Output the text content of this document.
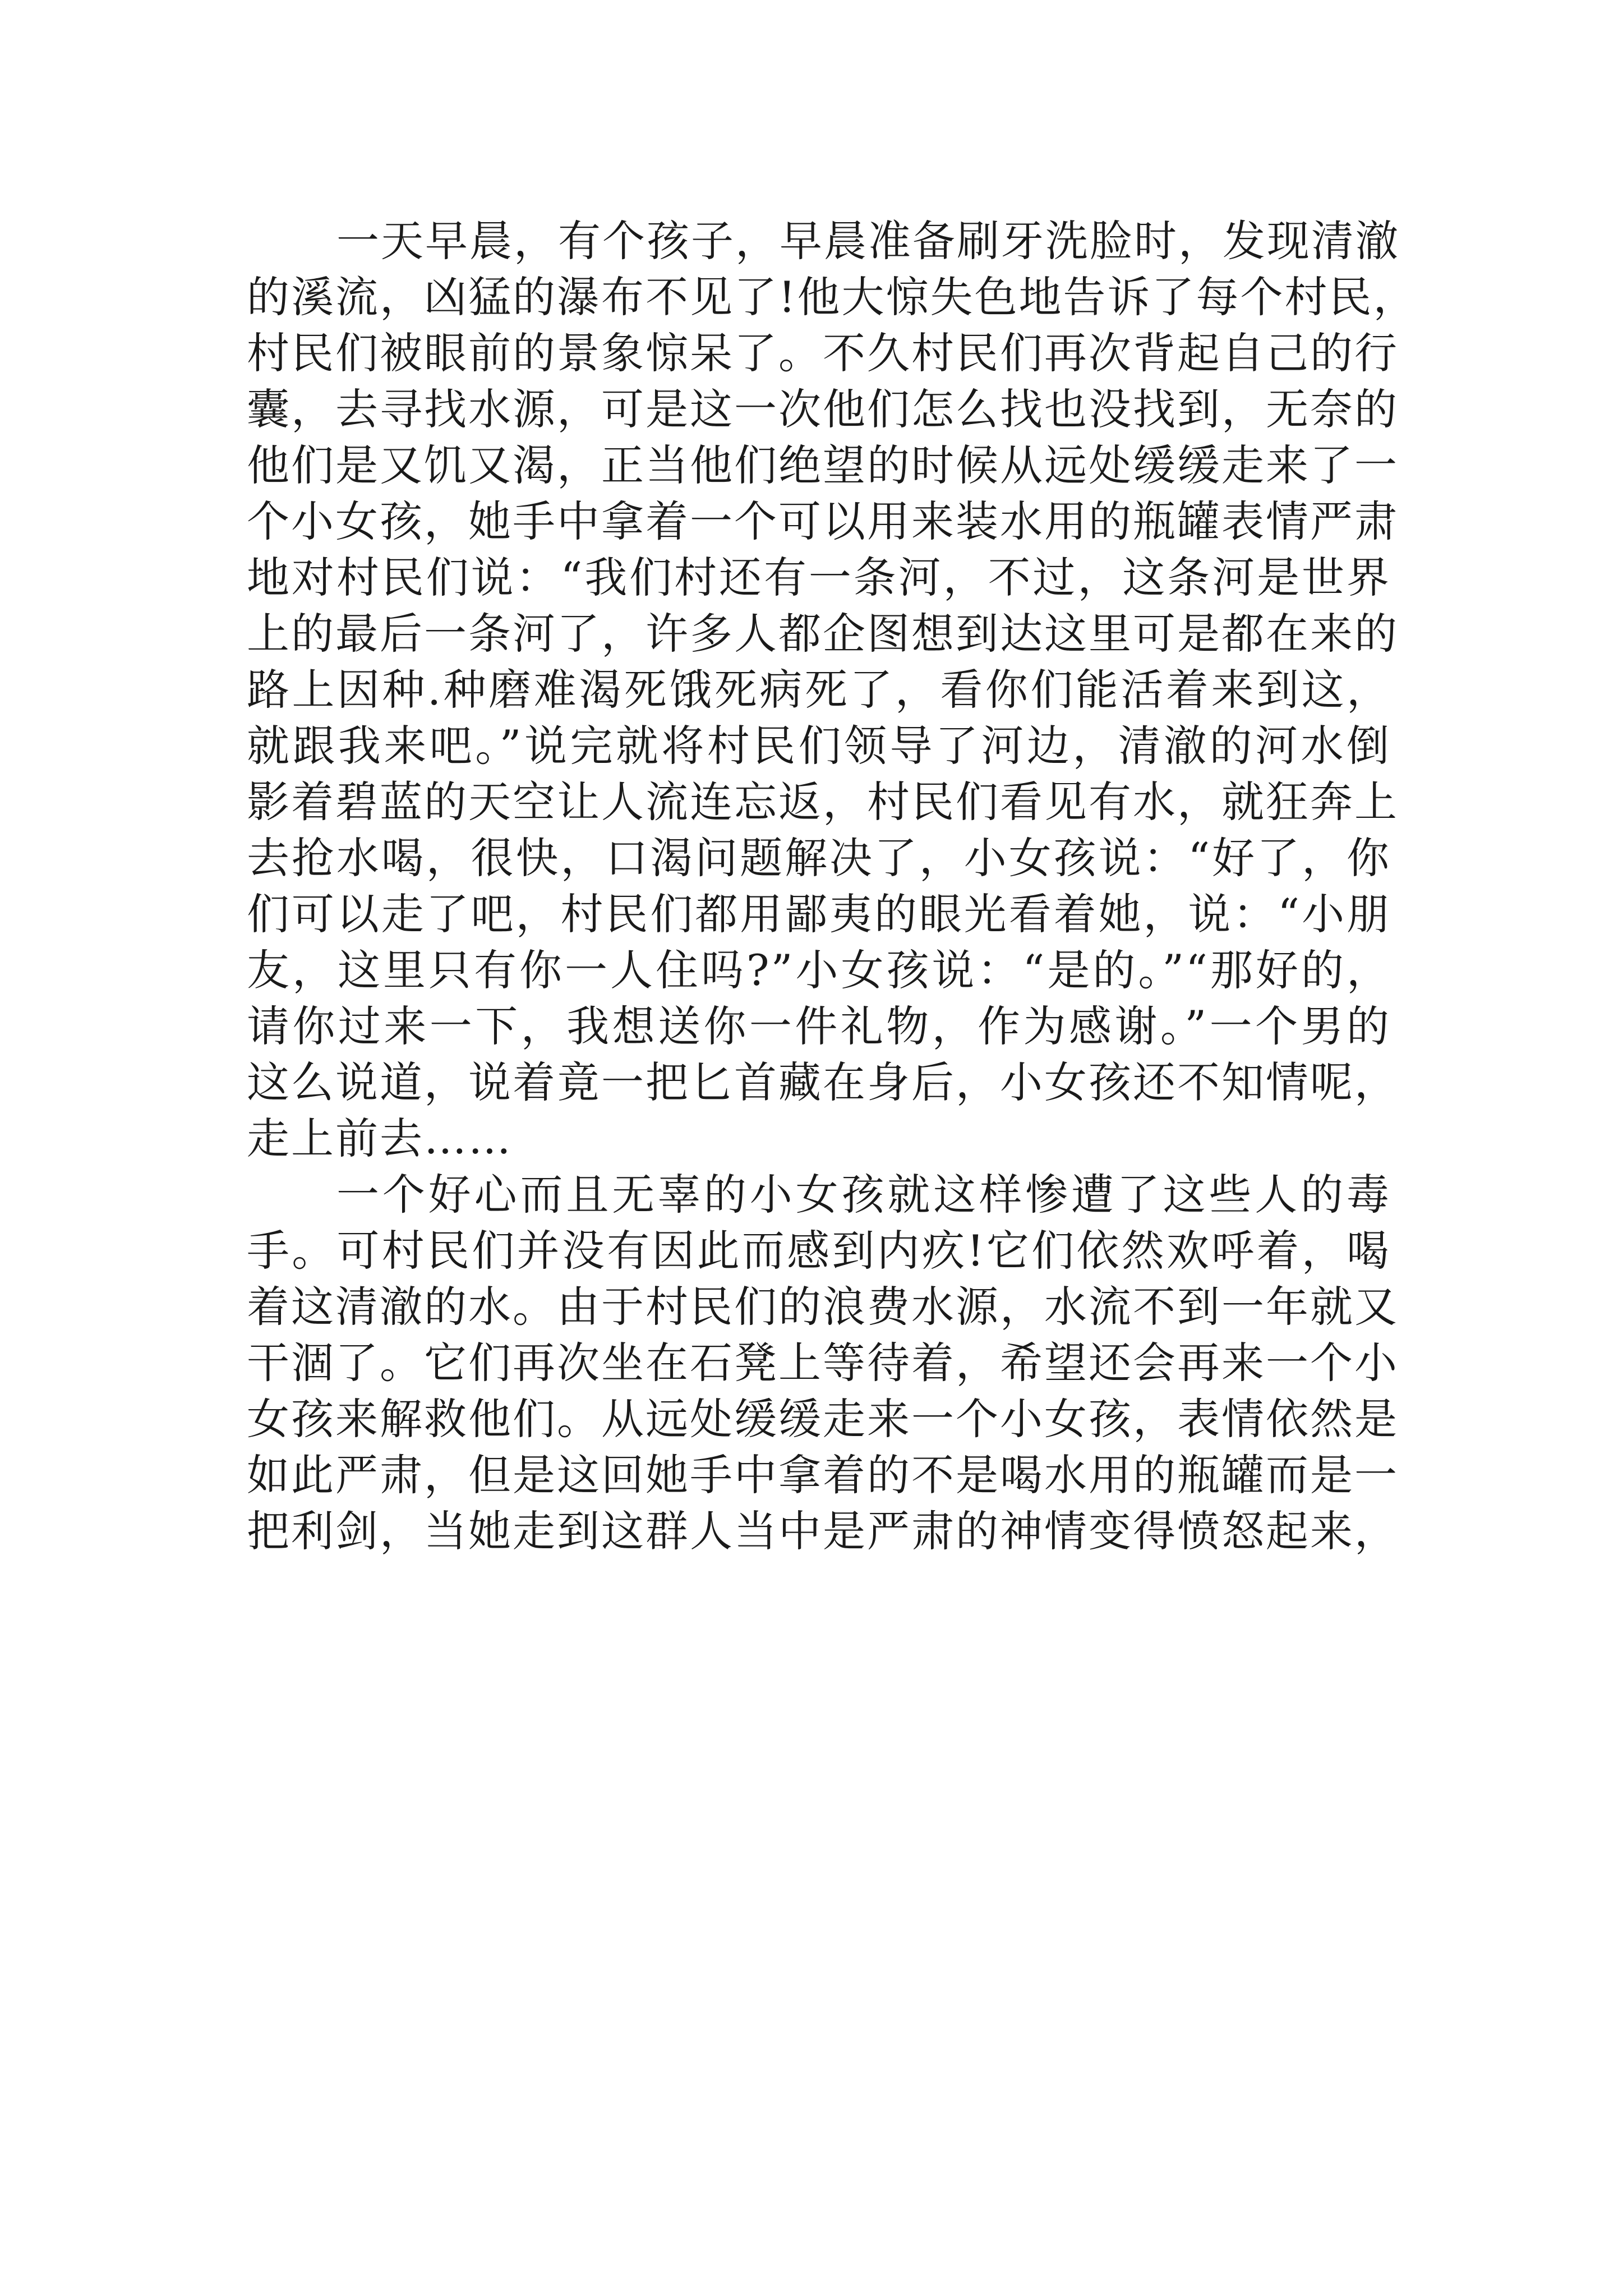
一天早晨，有个孩子，早晨准备刷牙洗脸时，发现清澈
的溪流，凶猛的瀑布不见了!他大惊失色地告诉了每个村民，
村民们被眼前的景象惊呆了。不久村民们再次背起自己的行
囊，去寻找水源，可是这一次他们怎么找也没找到，无奈的
他们是又饥又渴，正当他们绝望的时候从远处缓缓走来了一
个小女孩，她手中拿着一个可以用来装水用的瓶罐表情严肃
地对村民们说：“我们村还有一条河，不过，这条河是世界
上的最后一条河了，许多人都企图想到达这里可是都在来的
路上因种.种磨难渴死饿死病死了，看你们能活着来到这，
就跟我来吧。”说完就将村民们领导了河边，清澈的河水倒
影着碧蓝的天空让人流连忘返，村民们看见有水，就狂奔上
去抢水喝，很快，口渴问题解决了，小女孩说：“好了，你
们可以走了吧，村民们都用鄙夷的眼光看着她，说：“小朋
友，这里只有你一人住吗?”小女孩说：“是的。”“那好的，
请你过来一下，我想送你一件礼物，作为感谢。”一个男的
这么说道，说着竟一把匕首藏在身后，小女孩还不知情呢，
走上前去……
一个好心而且无辜的小女孩就这样惨遭了这些人的毒
手。可村民们并没有因此而感到内疚!它们依然欢呼着，喝
着这清澈的水。由于村民们的浪费水源，水流不到一年就又
干涸了。它们再次坐在石凳上等待着，希望还会再来一个小
女孩来解救他们。从远处缓缓走来一个小女孩，表情依然是
如此严肃，但是这回她手中拿着的不是喝水用的瓶罐而是一
把利剑，当她走到这群人当中是严肃的神情变得愤怒起来，
